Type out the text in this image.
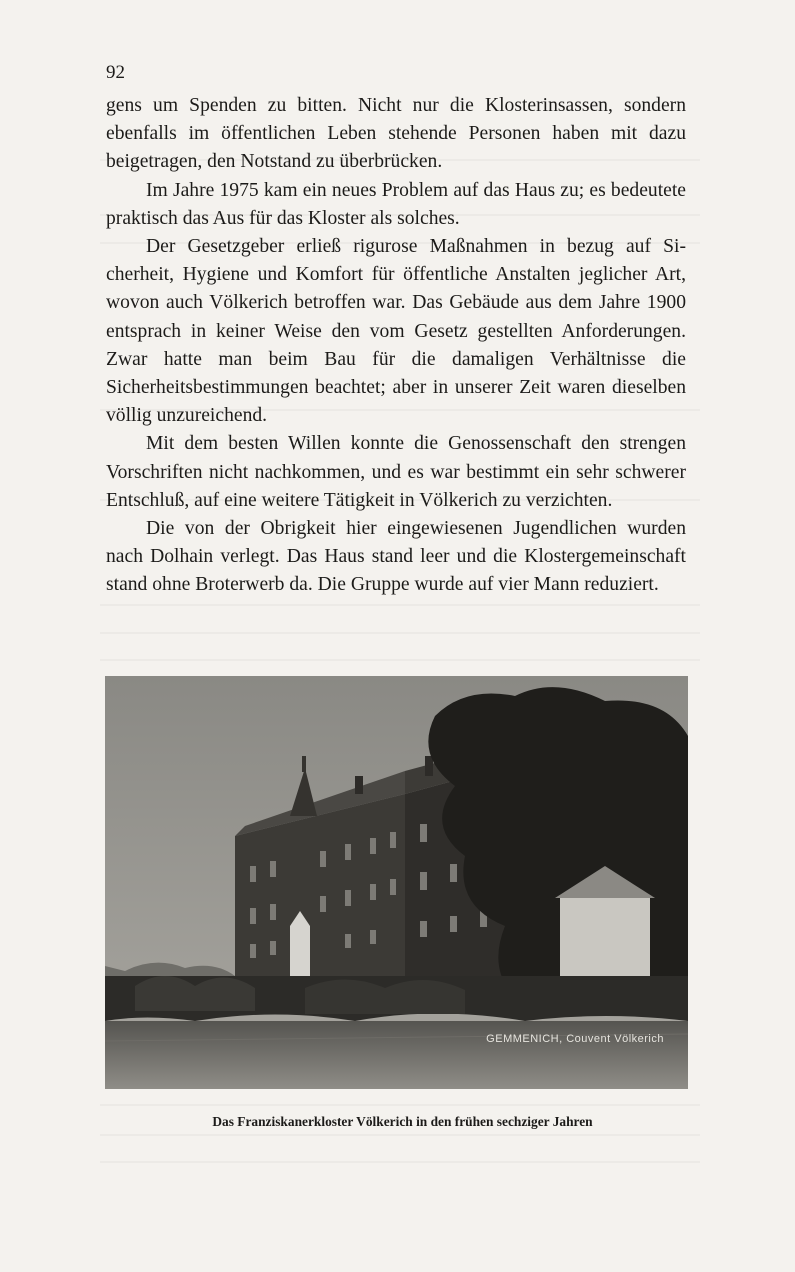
92

gens um Spenden zu bitten. Nicht nur die Klosterinsassen, sondern ebenfalls im öffentlichen Leben stehende Personen haben mit dazu beigetragen, den Notstand zu überbrücken.

Im Jahre 1975 kam ein neues Problem auf das Haus zu; es bedeutete praktisch das Aus für das Kloster als solches.

Der Gesetzgeber erließ rigurose Maßnahmen in bezug auf Sicherheit, Hygiene und Komfort für öffentliche Anstalten jeglicher Art, wovon auch Völkerich betroffen war. Das Gebäude aus dem Jahre 1900 entsprach in keiner Weise den vom Gesetz gestellten Anforderungen. Zwar hatte man beim Bau für die damaligen Verhältnisse die Sicherheitsbestimmungen beachtet; aber in unserer Zeit waren dieselben völlig unzureichend.

Mit dem besten Willen konnte die Genossenschaft den strengen Vorschriften nicht nachkommen, und es war bestimmt ein sehr schwerer Entschluß, auf eine weitere Tätigkeit in Völkerich zu verzichten.

Die von der Obrigkeit hier eingewiesenen Jugendlichen wurden nach Dolhain verlegt. Das Haus stand leer und die Klostergemeinschaft stand ohne Broterwerb da. Die Gruppe wurde auf vier Mann reduziert.

GEMMENICH, Couvent Völkerich
Das Franziskanerkloster Völkerich in den frühen sechziger Jahren
